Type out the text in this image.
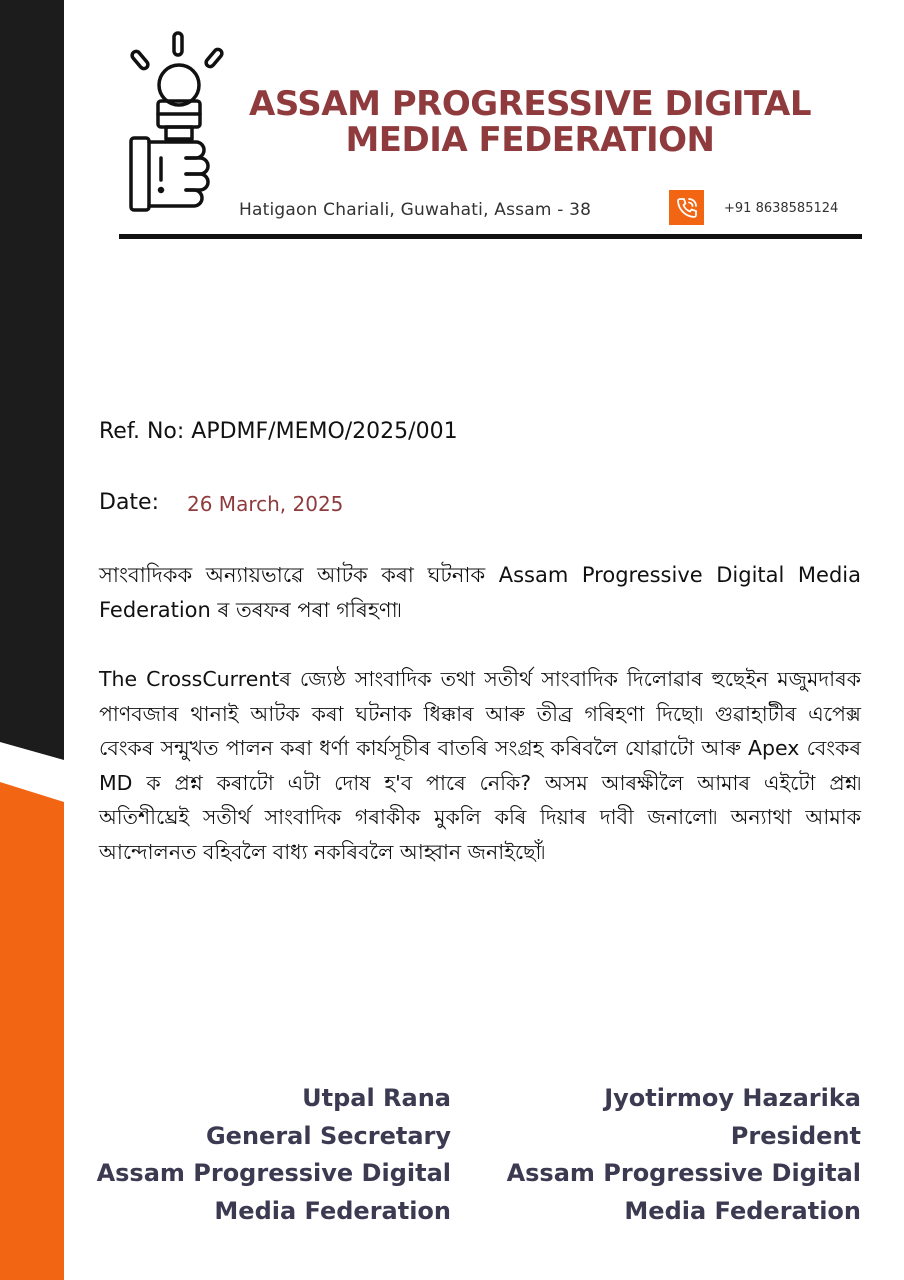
ASSAM PROGRESSIVE DIGITAL
MEDIA FEDERATION
Hatigaon Chariali, Guwahati, Assam - 38	+91 8638585124
Ref. No: APDMF/MEMO/2025/001
Date: 26 March, 2025
সাংবাদিকক অন্যায়ভাৱে আটক কৰা ঘটনাক Assam Progressive Digital Media Federation ৰ তৰফৰ পৰা গৰিহণা৷
The CrossCurrentৰ জ্যেষ্ঠ সাংবাদিক তথা সতীৰ্থ সাংবাদিক দিলোৱাৰ হুছেইন মজুমদাৰক পাণবজাৰ থানাই আটক কৰা ঘটনাক ধিক্কাৰ আৰু তীব্ৰ গৰিহণা দিছো৷ গুৱাহাটীৰ এপেক্স বেংকৰ সন্মুখত পালন কৰা ধৰ্ণা কাৰ্যসূচীৰ বাতৰি সংগ্ৰহ কৰিবলৈ যোৱাটো আৰু Apex বেংকৰ MD ক প্ৰশ্ন কৰাটো এটা দোষ হ'ব পাৰে নেকি? অসম আৰক্ষীলৈ আমাৰ এইটো প্ৰশ্ন৷ অতিশীঘ্ৰেই সতীৰ্থ সাংবাদিক গৰাকীক মুকলি কৰি দিয়াৰ দাবী জনালো৷ অন্যাথা আমাক আন্দোলনত বহিবলৈ বাধ্য নকৰিবলৈ আহ্বান জনাইছোঁ৷
Utpal Rana
General Secretary
Assam Progressive Digital
Media Federation
Jyotirmoy Hazarika
President
Assam Progressive Digital
Media Federation
